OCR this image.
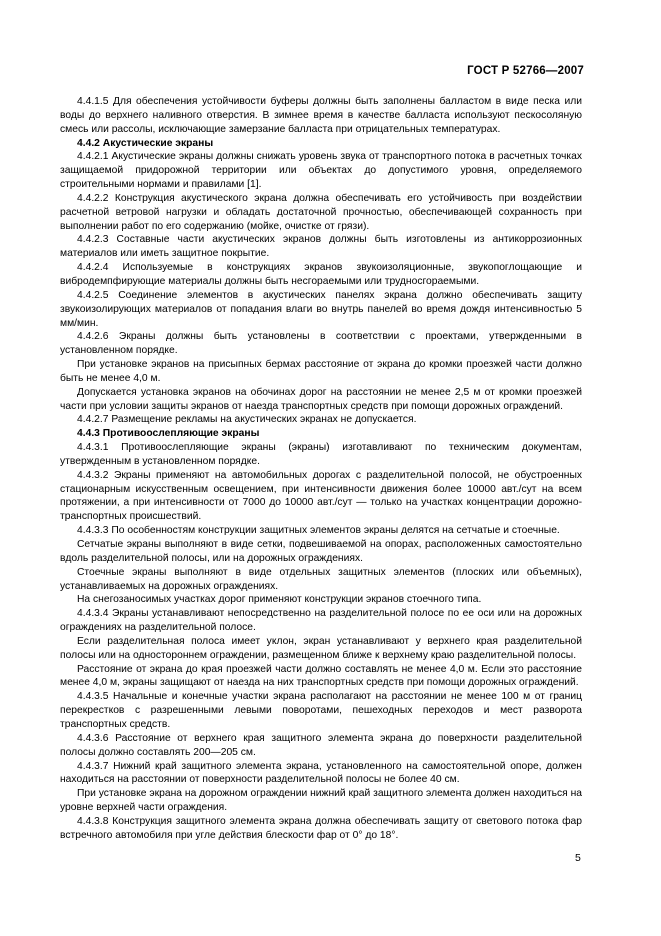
ГОСТ Р 52766—2007

4.4.1.5 Для обеспечения устойчивости буферы должны быть заполнены балластом в виде песка или воды до верхнего наливного отверстия. В зимнее время в качестве балласта используют пескосоляную смесь или рассолы, исключающие замерзание балласта при отрицательных температурах.

4.4.2 Акустические экраны

4.4.2.1 Акустические экраны должны снижать уровень звука от транспортного потока в расчетных точках защищаемой придорожной территории или объектах до допустимого уровня, определяемого строительными нормами и правилами [1].

4.4.2.2 Конструкция акустического экрана должна обеспечивать его устойчивость при воздействии расчетной ветровой нагрузки и обладать достаточной прочностью, обеспечивающей сохранность при выполнении работ по его содержанию (мойке, очистке от грязи).

4.4.2.3 Составные части акустических экранов должны быть изготовлены из антикоррозионных материалов или иметь защитное покрытие.

4.4.2.4 Используемые в конструкциях экранов звукоизоляционные, звукопоглощающие и вибродемпфирующие материалы должны быть несгораемыми или трудносгораемыми.

4.4.2.5 Соединение элементов в акустических панелях экрана должно обеспечивать защиту звукоизолирующих материалов от попадания влаги во внутрь панелей во время дождя интенсивностью 5 мм/мин.

4.4.2.6 Экраны должны быть установлены в соответствии с проектами, утвержденными в установленном порядке.

При установке экранов на присыпных бермах расстояние от экрана до кромки проезжей части должно быть не менее 4,0 м.

Допускается установка экранов на обочинах дорог на расстоянии не менее 2,5 м от кромки проезжей части при условии защиты экранов от наезда транспортных средств при помощи дорожных ограждений.

4.4.2.7 Размещение рекламы на акустических экранах не допускается.

4.4.3 Противоослепляющие экраны

4.4.3.1 Противоослепляющие экраны (экраны) изготавливают по техническим документам, утвержденным в установленном порядке.

4.4.3.2 Экраны применяют на автомобильных дорогах с разделительной полосой, не обустроенных стационарным искусственным освещением, при интенсивности движения более 10000 авт./сут на всем протяжении, а при интенсивности от 7000 до 10000 авт./сут — только на участках концентрации дорожно-транспортных происшествий.

4.4.3.3 По особенностям конструкции защитных элементов экраны делятся на сетчатые и стоечные.

Сетчатые экраны выполняют в виде сетки, подвешиваемой на опорах, расположенных самостоятельно вдоль разделительной полосы, или на дорожных ограждениях.

Стоечные экраны выполняют в виде отдельных защитных элементов (плоских или объемных), устанавливаемых на дорожных ограждениях.

На снегозаносимых участках дорог применяют конструкции экранов стоечного типа.

4.4.3.4 Экраны устанавливают непосредственно на разделительной полосе по ее оси или на дорожных ограждениях на разделительной полосе.

Если разделительная полоса имеет уклон, экран устанавливают у верхнего края разделительной полосы или на одностороннем ограждении, размещенном ближе к верхнему краю разделительной полосы.

Расстояние от экрана до края проезжей части должно составлять не менее 4,0 м. Если это расстояние менее 4,0 м, экраны защищают от наезда на них транспортных средств при помощи дорожных ограждений.

4.4.3.5 Начальные и конечные участки экрана располагают на расстоянии не менее 100 м от границ перекрестков с разрешенными левыми поворотами, пешеходных переходов и мест разворота транспортных средств.

4.4.3.6 Расстояние от верхнего края защитного элемента экрана до поверхности разделительной полосы должно составлять 200—205 см.

4.4.3.7 Нижний край защитного элемента экрана, установленного на самостоятельной опоре, должен находиться на расстоянии от поверхности разделительной полосы не более 40 см.

При установке экрана на дорожном ограждении нижний край защитного элемента должен находиться на уровне верхней части ограждения.

4.4.3.8 Конструкция защитного элемента экрана должна обеспечивать защиту от светового потока фар встречного автомобиля при угле действия блескости фар от 0° до 18°.

5
